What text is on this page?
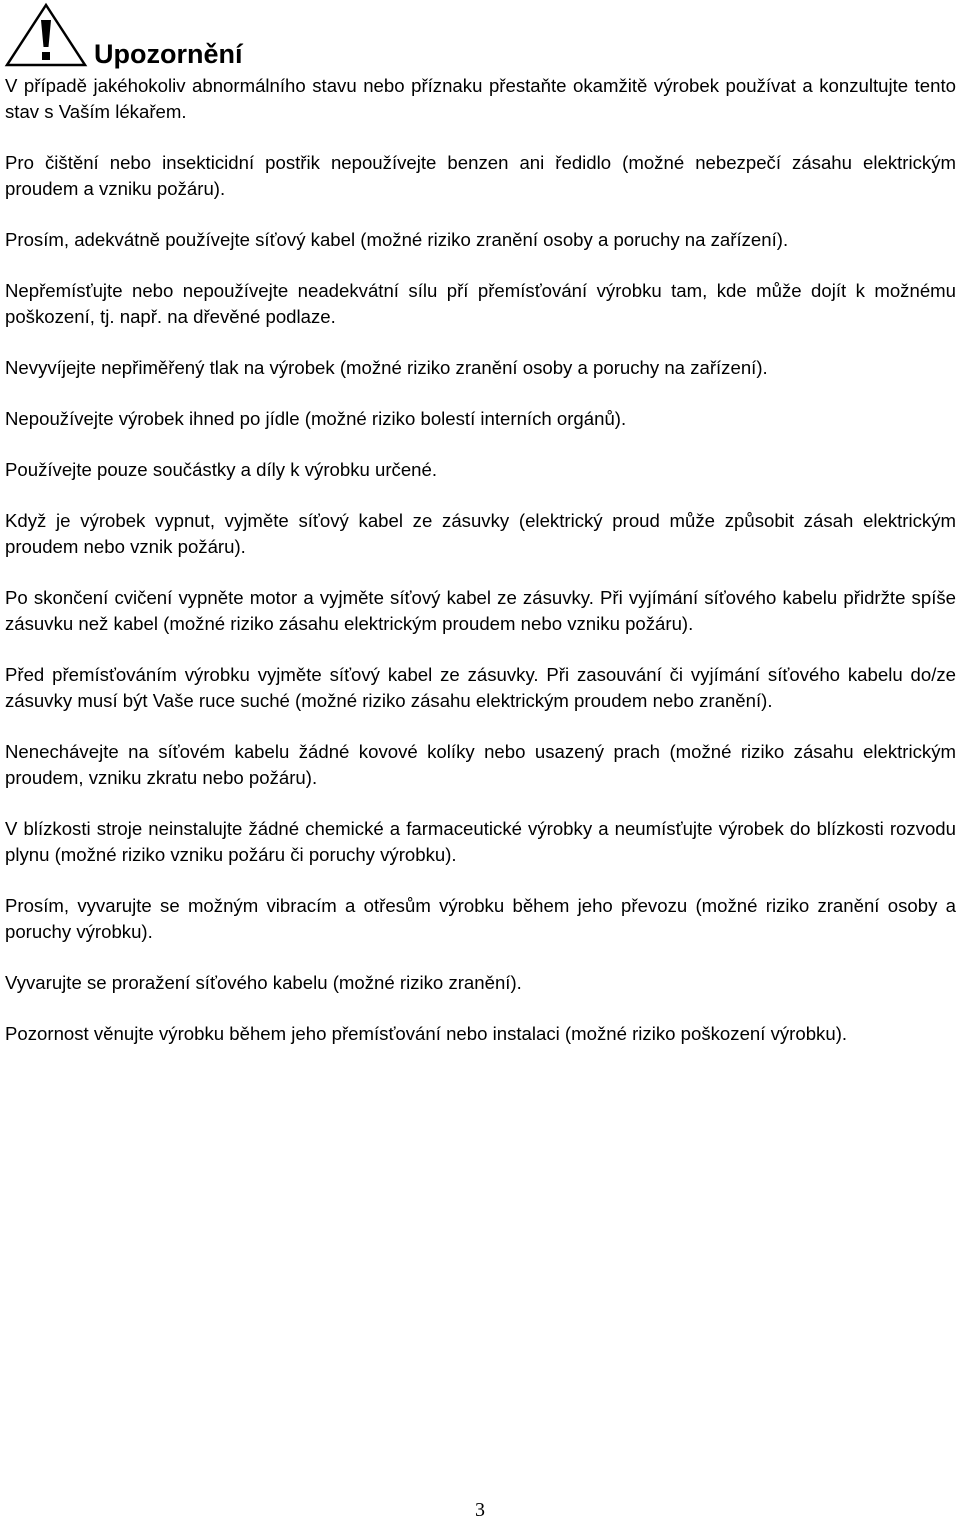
Upozornění

V případě jakéhokoliv abnormálního stavu nebo příznaku přestaňte okamžitě výrobek používat a konzultujte tento stav s Vaším lékařem.

Pro čištění nebo insekticidní postřik nepoužívejte benzen ani ředidlo (možné nebezpečí zásahu elektrickým proudem a vzniku požáru).

Prosím, adekvátně používejte síťový kabel (možné riziko zranění osoby a poruchy na zařízení).

Nepřemísťujte nebo nepoužívejte neadekvátní sílu pří přemísťování výrobku tam, kde může dojít k možnému poškození, tj. např. na dřevěné podlaze.

Nevyvíjejte nepřiměřený tlak na výrobek (možné riziko zranění osoby a poruchy na zařízení).

Nepoužívejte výrobek ihned po jídle (možné riziko bolestí interních orgánů).

Používejte pouze součástky a díly k výrobku určené.

Když je výrobek vypnut, vyjměte síťový kabel ze zásuvky (elektrický proud může způsobit zásah elektrickým proudem nebo vznik požáru).

Po skončení cvičení vypněte motor a vyjměte síťový kabel ze zásuvky. Při vyjímání síťového kabelu přidržte spíše zásuvku než kabel (možné riziko zásahu elektrickým proudem nebo vzniku požáru).

Před přemísťováním výrobku vyjměte síťový kabel ze zásuvky. Při zasouvání či vyjímání síťového kabelu do/ze zásuvky musí být Vaše ruce suché (možné riziko zásahu elektrickým proudem nebo zranění).

Nenechávejte na síťovém kabelu žádné kovové kolíky nebo usazený prach (možné riziko zásahu elektrickým proudem, vzniku zkratu nebo požáru).

V blízkosti stroje neinstalujte žádné chemické a farmaceutické výrobky a neumísťujte výrobek do blízkosti rozvodu plynu (možné riziko vzniku požáru či poruchy výrobku).

Prosím, vyvarujte se možným vibracím a otřesům výrobku během jeho převozu (možné riziko zranění osoby a poruchy výrobku).

Vyvarujte se proražení síťového kabelu (možné riziko zranění).

Pozornost věnujte výrobku během jeho přemísťování nebo instalaci (možné riziko poškození výrobku).

3
